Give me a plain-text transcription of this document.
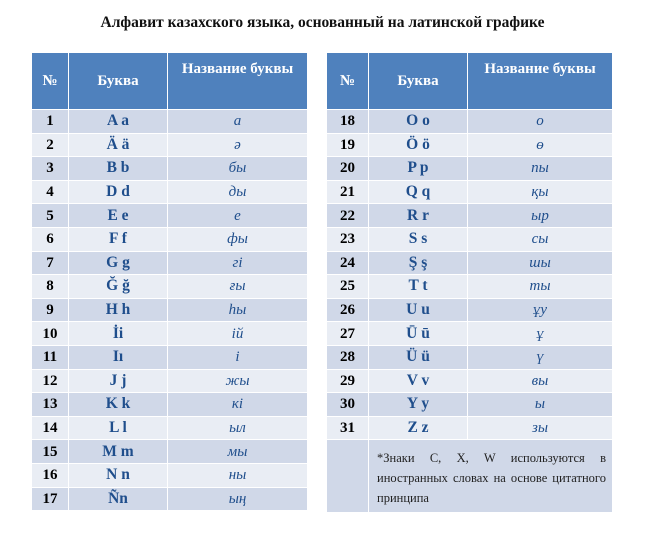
Алфавит казахского языка, основанный на латинской графике
№	Буква	Название буквы
1	A a	а
2	Ä ä	ә
3	B b	бы
4	D d	ды
5	E e	е
6	F f	фы
7	G g	гі
8	Ğ ğ	ғы
9	H h	һы
10	İi	ій
11	Iı	і
12	J j	жы
13	K k	кі
14	L l	ыл
15	M m	мы
16	N n	ны
17	Ñn	ың
№	Буква	Название буквы
18	O o	о
19	Ö ö	ө
20	P p	пы
21	Q q	қы
22	R r	ыр
23	S s	сы
24	Ş ş	шы
25	T t	ты
26	U u	ұу
27	Ū ū	ұ
28	Ü ü	ү
29	V v	вы
30	Y y	ы
31	Z z	зы
	*Знаки С, X, W используются в иностранных словах на основе цитатного принципа	
